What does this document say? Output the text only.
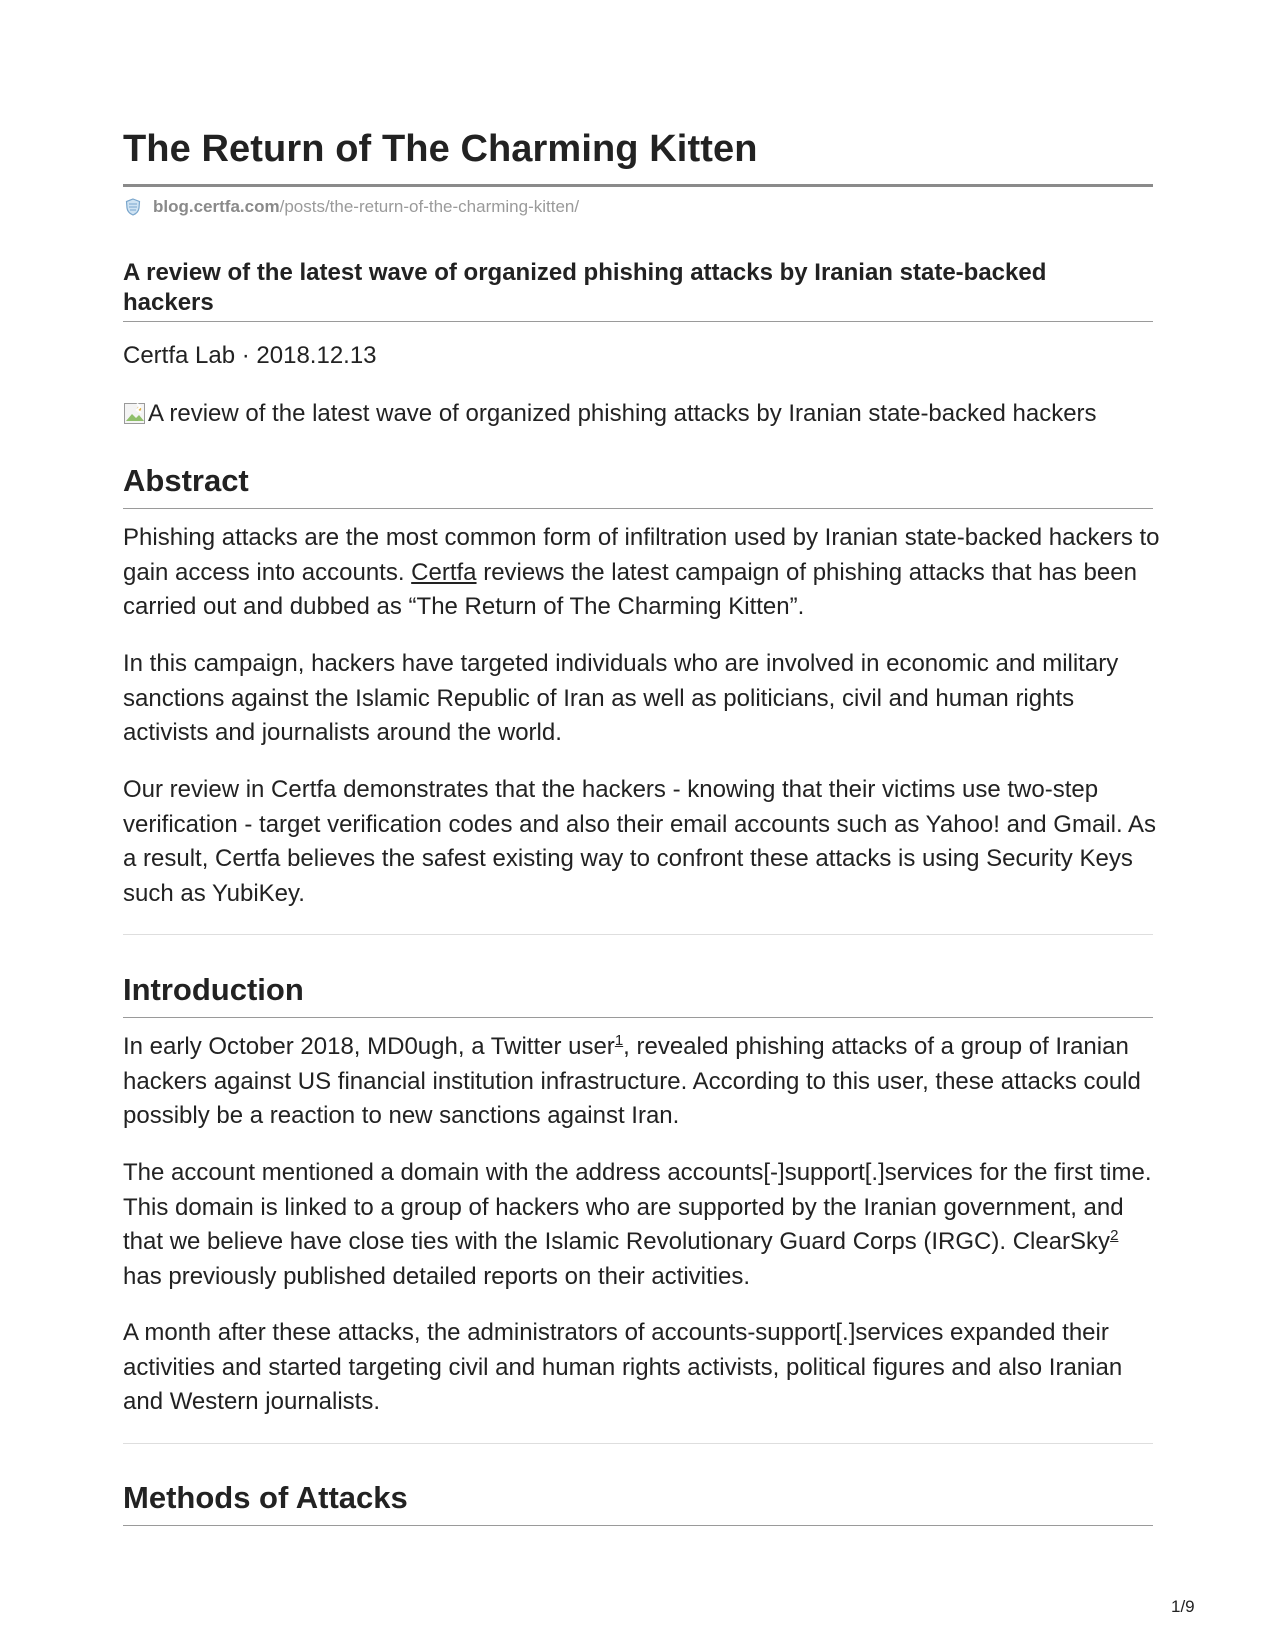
The Return of The Charming Kitten
blog.certfa.com /posts/the-return-of-the-charming-kitten/
A review of the latest wave of organized phishing attacks by Iranian state-backed hackers
Certfa Lab · 2018.12.13
A review of the latest wave of organized phishing attacks by Iranian state-backed hackers
Abstract

Phishing attacks are the most common form of infiltration used by Iranian state-backed hackers to gain access into accounts. Certfa reviews the latest campaign of phishing attacks that has been carried out and dubbed as “The Return of The Charming Kitten”.

In this campaign, hackers have targeted individuals who are involved in economic and military sanctions against the Islamic Republic of Iran as well as politicians, civil and human rights activists and journalists around the world.

Our review in Certfa demonstrates that the hackers - knowing that their victims use two-step verification - target verification codes and also their email accounts such as Yahoo! and Gmail. As a result, Certfa believes the safest existing way to confront these attacks is using Security Keys such as YubiKey.

Introduction

In early October 2018, MD0ugh, a Twitter user$^1$, revealed phishing attacks of a group of Iranian hackers against US financial institution infrastructure. According to this user, these attacks could possibly be a reaction to new sanctions against Iran.

The account mentioned a domain with the address accounts[-]support[.]services for the first time. This domain is linked to a group of hackers who are supported by the Iranian government, and that we believe have close ties with the Islamic Revolutionary Guard Corps (IRGC). ClearSky$^2$ has previously published detailed reports on their activities.

A month after these attacks, the administrators of accounts-support[.]services expanded their activities and started targeting civil and human rights activists, political figures and also Iranian and Western journalists.

Methods of Attacks
1/9
